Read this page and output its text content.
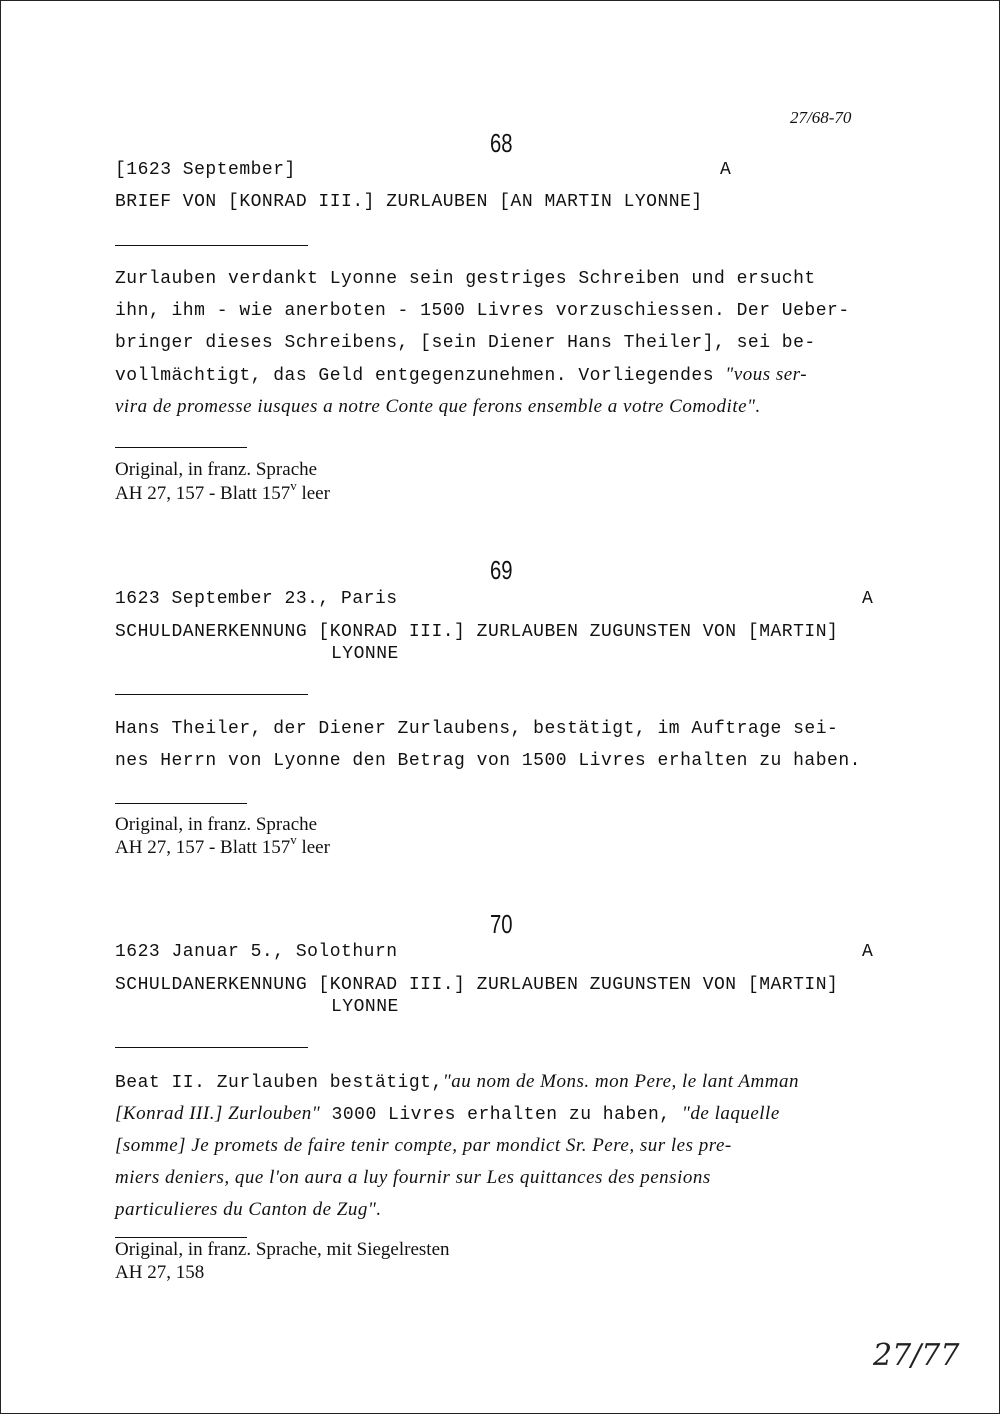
27/68-70
68
[1623 September]	A
BRIEF VON [KONRAD III.] ZURLAUBEN [AN MARTIN LYONNE]
Zurlauben verdankt Lyonne sein gestriges Schreiben und ersucht
ihn, ihm - wie anerboten - 1500 Livres vorzuschiessen. Der Ueber-
bringer dieses Schreibens, [sein Diener Hans Theiler], sei be-
vollmächtigt, das Geld entgegenzunehmen. Vorliegendes "vous ser-
vira de promesse iusques a notre Conte que ferons ensemble a votre Comodite".
Original, in franz. Sprache
AH 27, 157 - Blatt 157$^v$ leer
69
1623 September 23., Paris	A
SCHULDANERKENNUNG [KONRAD III.] ZURLAUBEN ZUGUNSTEN VON [MARTIN]
LYONNE
Hans Theiler, der Diener Zurlaubens, bestätigt, im Auftrage sei-
nes Herrn von Lyonne den Betrag von 1500 Livres erhalten zu haben.
Original, in franz. Sprache
AH 27, 157 - Blatt 157$^v$ leer
70
1623 Januar 5., Solothurn	A
SCHULDANERKENNUNG [KONRAD III.] ZURLAUBEN ZUGUNSTEN VON [MARTIN]
LYONNE
Beat II. Zurlauben bestätigt,"au nom de Mons. mon Pere, le lant Amman
[Konrad III.] Zurlouben" 3000 Livres erhalten zu haben, "de laquelle
[somme] Je promets de faire tenir compte, par mondict Sr. Pere, sur les pre-
miers deniers, que l'on aura a luy fournir sur Les quittances des pensions
particulieres du Canton de Zug".
Original, in franz. Sprache, mit Siegelresten
AH 27, 158
27/77
